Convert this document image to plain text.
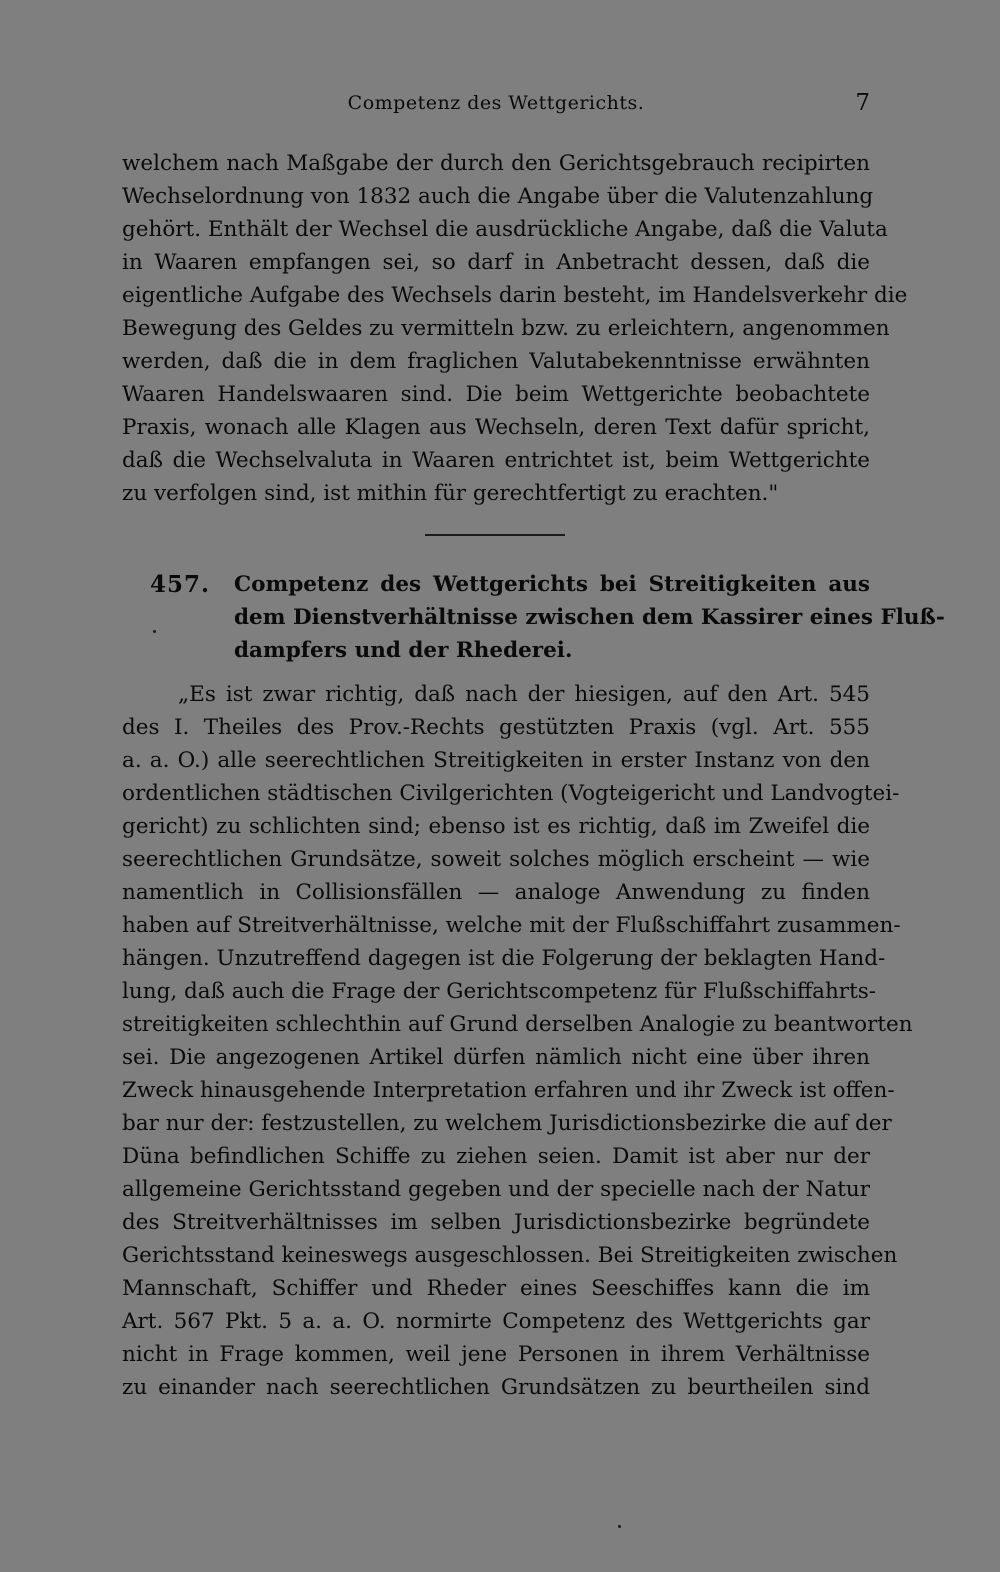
Competenz des Wettgerichts.	7
welchem nach Maßgabe der durch den Gerichtsgebrauch recipirten
Wechselordnung von 1832 auch die Angabe über die Valutenzahlung
gehört. Enthält der Wechsel die ausdrückliche Angabe, daß die Valuta
in Waaren empfangen sei, so darf in Anbetracht dessen, daß die
eigentliche Aufgabe des Wechsels darin besteht, im Handelsverkehr die
Bewegung des Geldes zu vermitteln bzw. zu erleichtern, angenommen
werden, daß die in dem fraglichen Valutabekenntnisse erwähnten
Waaren Handelswaaren sind. Die beim Wettgerichte beobachtete
Praxis, wonach alle Klagen aus Wechseln, deren Text dafür spricht,
daß die Wechselvaluta in Waaren entrichtet ist, beim Wettgerichte
zu verfolgen sind, ist mithin für gerechtfertigt zu erachten."
457. Competenz des Wettgerichts bei Streitigkeiten aus
dem Dienstverhältnisse zwischen dem Kassirer eines Fluß-
dampfers und der Rhederei.
„Es ist zwar richtig, daß nach der hiesigen, auf den Art. 545
des I. Theiles des Prov.-Rechts gestützten Praxis (vgl. Art. 555
a. a. O.) alle seerechtlichen Streitigkeiten in erster Instanz von den
ordentlichen städtischen Civilgerichten (Vogteigericht und Landvogtei-
gericht) zu schlichten sind; ebenso ist es richtig, daß im Zweifel die
seerechtlichen Grundsätze, soweit solches möglich erscheint — wie
namentlich in Collisionsfällen — analoge Anwendung zu finden
haben auf Streitverhältnisse, welche mit der Flußschiffahrt zusammen-
hängen. Unzutreffend dagegen ist die Folgerung der beklagten Hand-
lung, daß auch die Frage der Gerichtscompetenz für Flußschiffahrts-
streitigkeiten schlechthin auf Grund derselben Analogie zu beantworten
sei. Die angezogenen Artikel dürfen nämlich nicht eine über ihren
Zweck hinausgehende Interpretation erfahren und ihr Zweck ist offen-
bar nur der: festzustellen, zu welchem Jurisdictionsbezirke die auf der
Düna befindlichen Schiffe zu ziehen seien. Damit ist aber nur der
allgemeine Gerichtsstand gegeben und der specielle nach der Natur
des Streitverhältnisses im selben Jurisdictionsbezirke begründete
Gerichtsstand keineswegs ausgeschlossen. Bei Streitigkeiten zwischen
Mannschaft, Schiffer und Rheder eines Seeschiffes kann die im
Art. 567 Pkt. 5 a. a. O. normirte Competenz des Wettgerichts gar
nicht in Frage kommen, weil jene Personen in ihrem Verhältnisse
zu einander nach seerechtlichen Grundsätzen zu beurtheilen sind
